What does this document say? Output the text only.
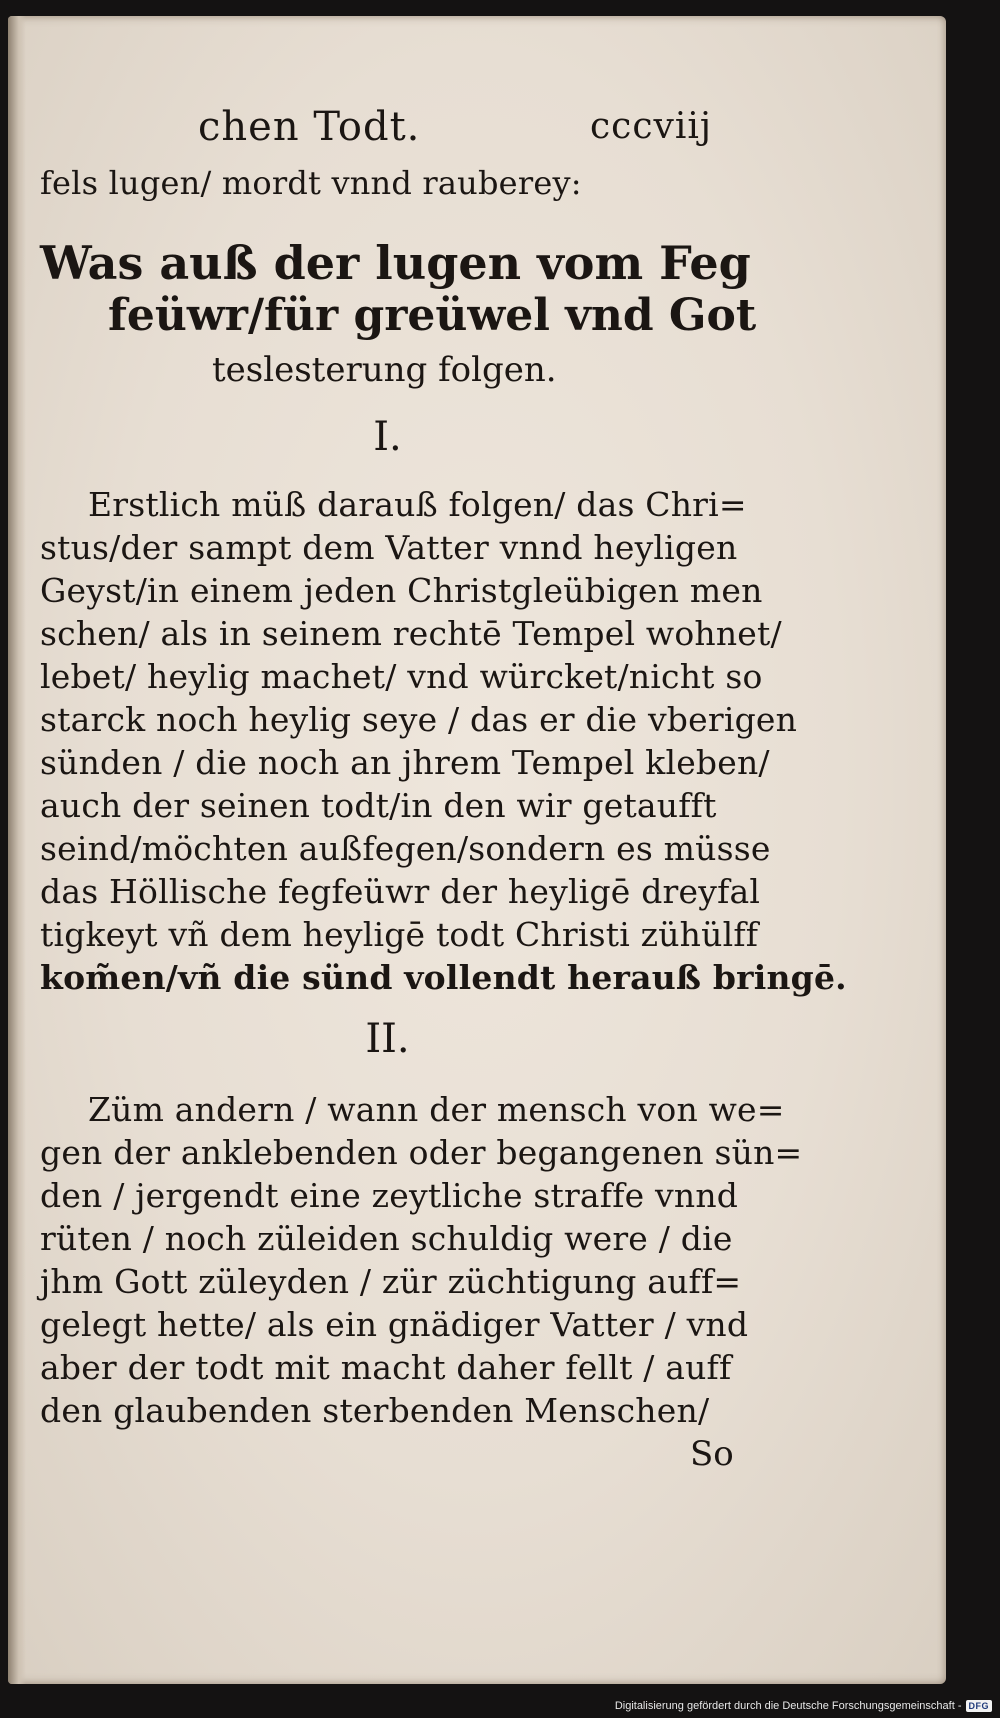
chen Todt.	cccviij
fels lugen/ mordt vnnd rauberey:
Was auß der lugen vom Feg
feüwr/für greüwel vnd Got
teslesterung folgen.
I.
Erstlich müß darauß folgen/ das Chri=
stus/der sampt dem Vatter vnnd heyligen
Geyst/in einem jeden Christgleübigen men
schen/ als in seinem rechtē Tempel wohnet/
lebet/ heylig machet/ vnd würcket/nicht so
starck noch heylig seye / das er die vberigen
sünden / die noch an jhrem Tempel kleben/
auch der seinen todt/in den wir getaufft
seind/möchten außfegen/sondern es müsse
das Höllische fegfeüwr der heyligē dreyfal
tigkeyt vñ dem heyligē todt Christi zühülff
kom̃en/vñ die sünd vollendt herauß bringē.
II.
Züm andern / wann der mensch von we=
gen der anklebenden oder begangenen sün=
den / jergendt eine zeytliche straffe vnnd
rüten / noch züleiden schuldig were / die
jhm Gott züleyden / zür züchtigung auff=
gelegt hette/ als ein gnädiger Vatter / vnd
aber der todt mit macht daher fellt / auff
den glaubenden sterbenden Menschen/
So
Digitalisierung gefördert durch die Deutsche Forschungsgemeinschaft - DFG
